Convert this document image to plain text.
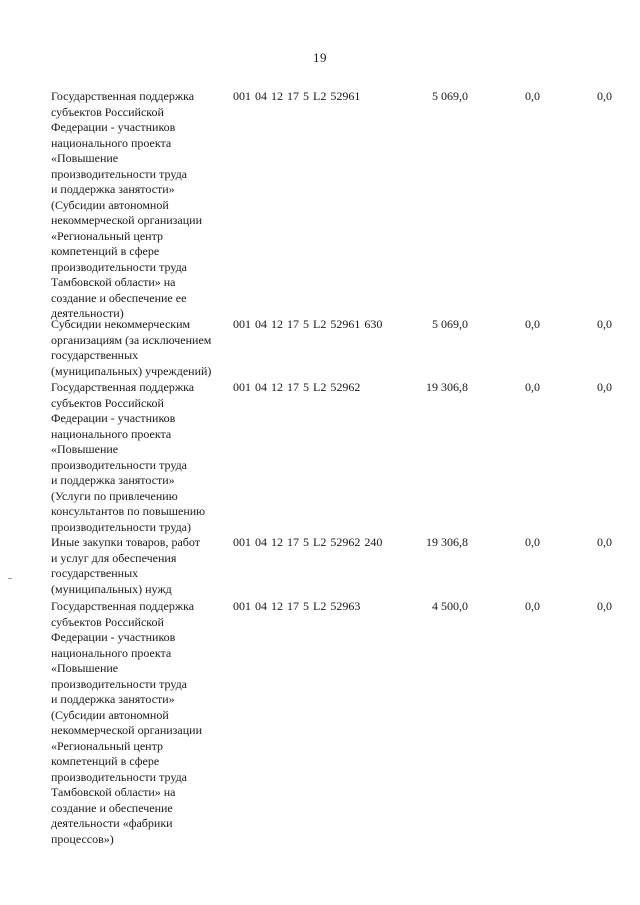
19
Государственная поддержка
субъектов Российской
Федерации - участников
национального проекта
«Повышение
производительности труда
и поддержка занятости»
(Субсидии автономной
некоммерческой организации
«Региональный центр
компетенций в сфере
производительности труда
Тамбовской области» на
создание и обеспечение ее
деятельности)
001 04 12 17 5 L2 52961	5 069,0	0,0	0,0
Субсидии некоммерческим
организациям (за исключением
государственных
(муниципальных) учреждений)
001 04 12 17 5 L2 52961 630	5 069,0	0,0	0,0
Государственная поддержка
субъектов Российской
Федерации - участников
национального проекта
«Повышение
производительности труда
и поддержка занятости»
(Услуги по привлечению
консультантов по повышению
производительности труда)
001 04 12 17 5 L2 52962	19 306,8	0,0	0,0
Иные закупки товаров, работ
и услуг для обеспечения
государственных
(муниципальных) нужд
001 04 12 17 5 L2 52962 240	19 306,8	0,0	0,0
Государственная поддержка
субъектов Российской
Федерации - участников
национального проекта
«Повышение
производительности труда
и поддержка занятости»
(Субсидии автономной
некоммерческой организации
«Региональный центр
компетенций в сфере
производительности труда
Тамбовской области» на
создание и обеспечение
деятельности «фабрики
процессов»)
001 04 12 17 5 L2 52963	4 500,0	0,0	0,0
